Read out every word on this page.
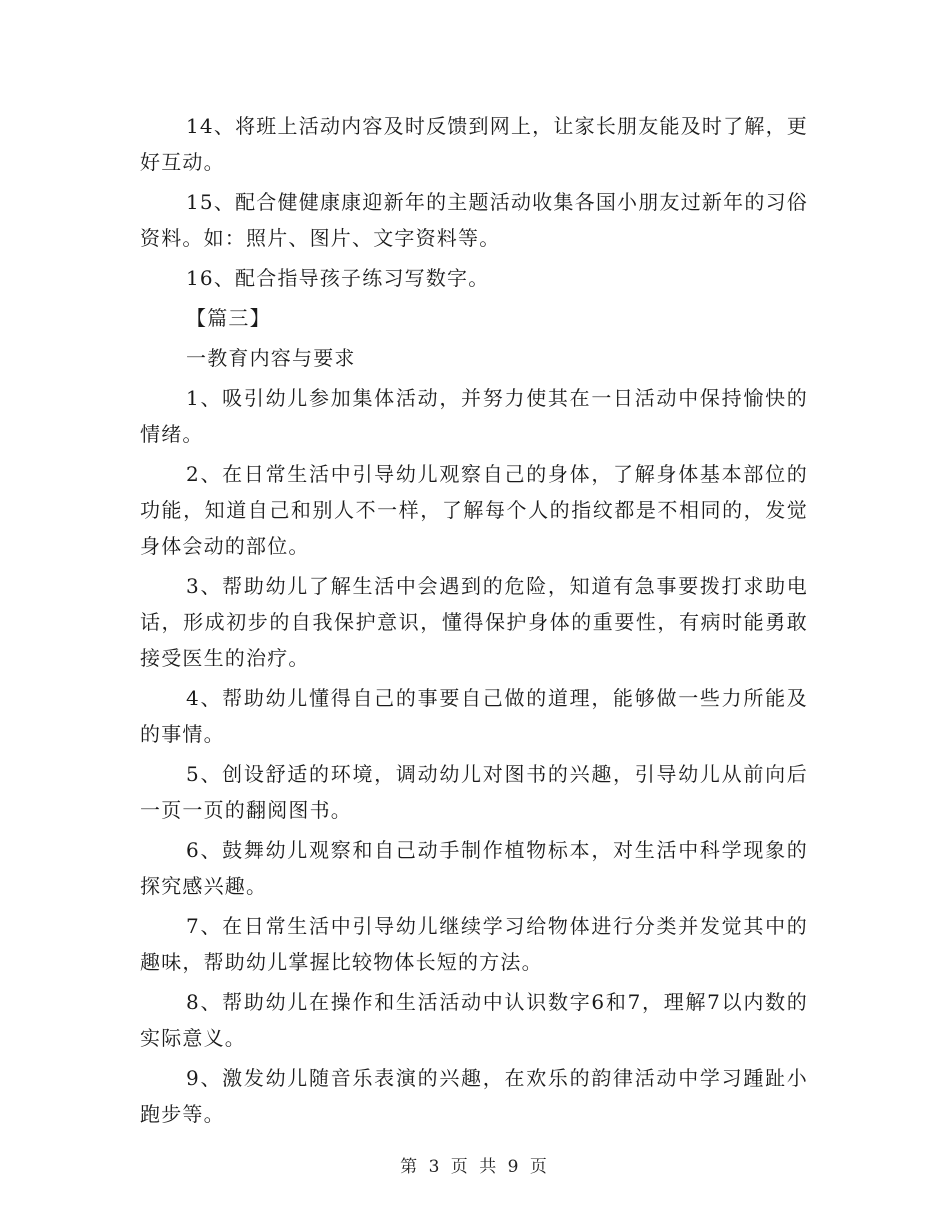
14、将班上活动内容及时反馈到网上，让家长朋友能及时了解，更好互动。

15、配合健健康康迎新年的主题活动收集各国小朋友过新年的习俗资料。如：照片、图片、文字资料等。

16、配合指导孩子练习写数字。

【篇三】

一教育内容与要求

1、吸引幼儿参加集体活动，并努力使其在一日活动中保持愉快的情绪。

2、在日常生活中引导幼儿观察自己的身体，了解身体基本部位的功能，知道自己和别人不一样，了解每个人的指纹都是不相同的，发觉身体会动的部位。

3、帮助幼儿了解生活中会遇到的危险，知道有急事要拨打求助电话，形成初步的自我保护意识，懂得保护身体的重要性，有病时能勇敢接受医生的治疗。

4、帮助幼儿懂得自己的事要自己做的道理，能够做一些力所能及的事情。

5、创设舒适的环境，调动幼儿对图书的兴趣，引导幼儿从前向后一页一页的翻阅图书。

6、鼓舞幼儿观察和自己动手制作植物标本，对生活中科学现象的探究感兴趣。

7、在日常生活中引导幼儿继续学习给物体进行分类并发觉其中的趣味，帮助幼儿掌握比较物体长短的方法。

8、帮助幼儿在操作和生活活动中认识数字6和7，理解7以内数的实际意义。

9、激发幼儿随音乐表演的兴趣，在欢乐的韵律活动中学习踵趾小跑步等。

第 3 页 共 9 页
